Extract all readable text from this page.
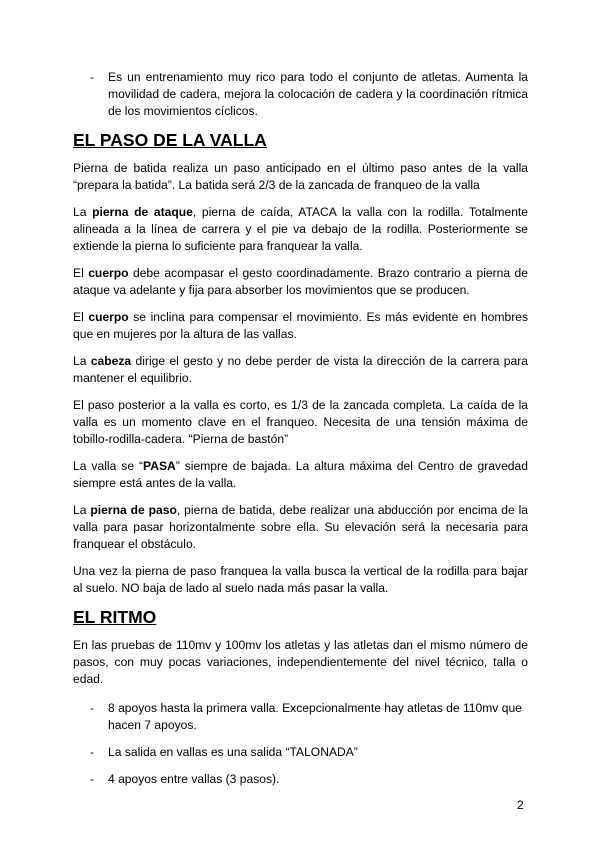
-	Es un entrenamiento muy rico para todo el conjunto de atletas. Aumenta la movilidad de cadera, mejora la colocación de cadera y la coordinación rítmica de los movimientos cíclicos.
EL PASO DE LA VALLA

Pierna de batida realiza un paso anticipado en el último paso antes de la valla “prepara la batida”. La batida será 2/3 de la zancada de franqueo de la valla

La pierna de ataque, pierna de caída, ATACA la valla con la rodilla. Totalmente alineada a la línea de carrera y el pie va debajo de la rodilla. Posteriormente se extiende la pierna lo suficiente para franquear la valla.

El cuerpo debe acompasar el gesto coordinadamente. Brazo contrario a pierna de ataque va adelante y fija para absorber los movimientos que se producen.

El cuerpo se inclina para compensar el movimiento. Es más evidente en hombres que en mujeres por la altura de las vallas.

La cabeza dirige el gesto y no debe perder de vista la dirección de la carrera para mantener el equilibrio.

El paso posterior a la valla es corto, es 1/3 de la zancada completa. La caída de la valla es un momento clave en el franqueo. Necesita de una tensión máxima de tobillo-rodilla-cadera. “Pierna de bastón”

La valla se “PASA” siempre de bajada. La altura máxima del Centro de gravedad siempre está antes de la valla.

La pierna de paso, pierna de batida, debe realizar una abducción por encima de la valla para pasar horizontalmente sobre ella. Su elevación será la necesaria para franquear el obstáculo.

Una vez la pierna de paso franquea la valla busca la vertical de la rodilla para bajar al suelo. NO baja de lado al suelo nada más pasar la valla.

EL RITMO

En las pruebas de 110mv y 100mv los atletas y las atletas dan el mismo número de pasos, con muy pocas variaciones, independientemente del nivel técnico, talla o edad.

-	8 apoyos hasta la primera valla. Excepcionalmente hay atletas de 110mv que hacen 7 apoyos.
-	La salida en vallas es una salida “TALONADA”
-	4 apoyos entre vallas (3 pasos).
2
